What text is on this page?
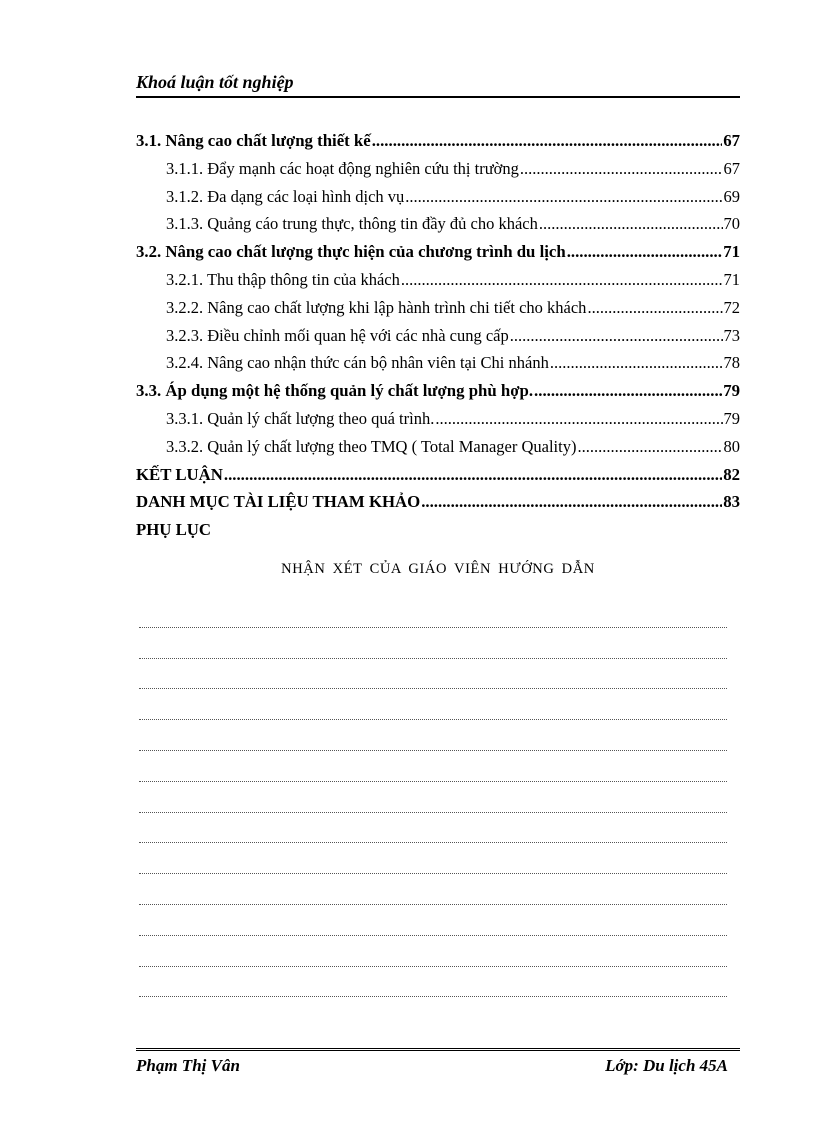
Khoá luận tốt nghiệp
3.1. Nâng cao chất lượng thiết kế .....	67
3.1.1. Đẩy mạnh các hoạt động nghiên cứu thị trường .....	67
3.1.2. Đa dạng các loại hình dịch vụ .....	69
3.1.3. Quảng cáo trung thực, thông tin đầy đủ cho khách .....	70
3.2. Nâng cao chất lượng thực hiện của chương trình du lịch .....	71
3.2.1. Thu thập thông tin của khách .....	71
3.2.2. Nâng cao chất lượng khi lập hành trình chi tiết cho khách .....	72
3.2.3. Điều chỉnh mối quan hệ với các nhà cung cấp .....	73
3.2.4. Nâng cao nhận thức cán bộ nhân viên tại Chi nhánh .....	78
3.3. Áp dụng một hệ thống quản lý chất lượng phù hợp. .....	79
3.3.1. Quản lý chất lượng theo quá trình. .....	79
3.3.2. Quản lý chất lượng theo TMQ ( Total Manager Quality) .....	80
KẾT LUẬN .....	82
DANH MỤC TÀI LIỆU THAM KHẢO .....	83
PHỤ LỤC
NHẬN XÉT CỦA GIÁO VIÊN HƯỚNG DẪN
Phạm Thị Vân	Lớp: Du lịch 45A
